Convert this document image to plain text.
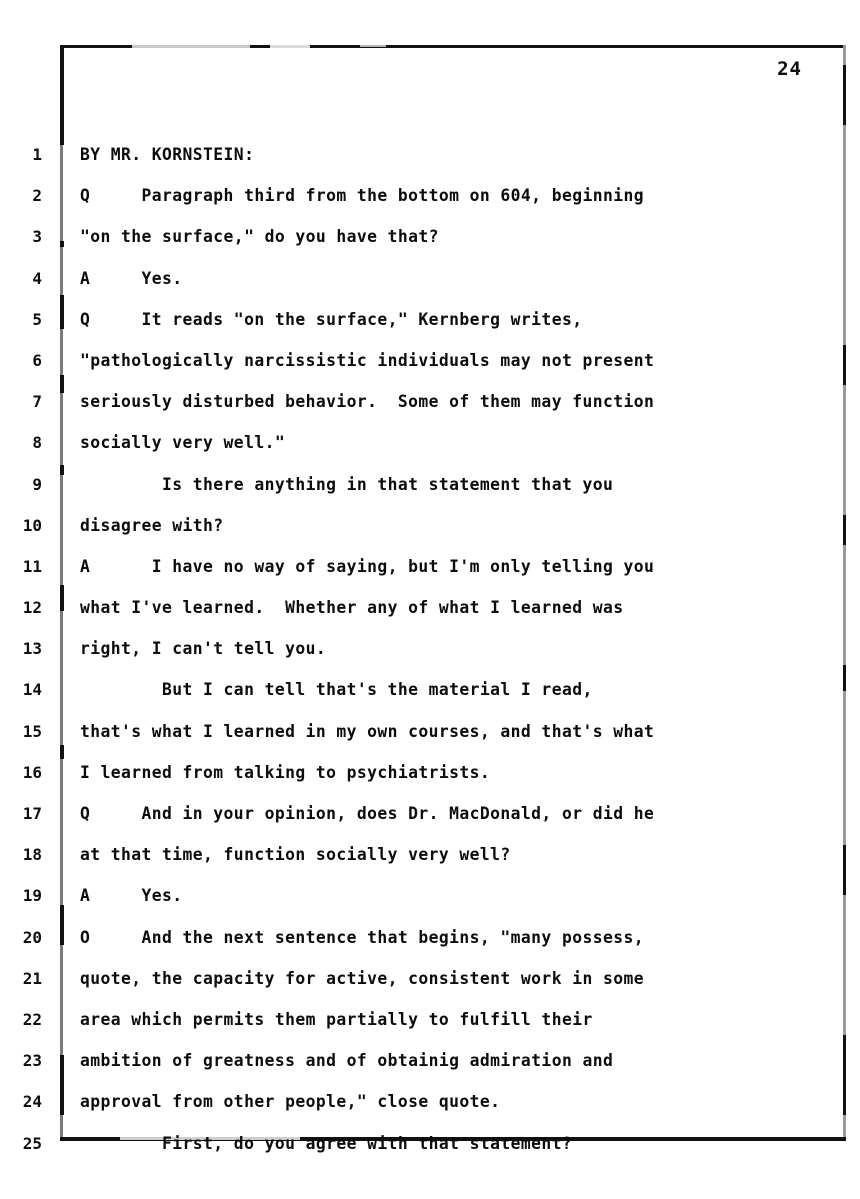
24
1 BY MR. KORNSTEIN:
2 Q     Paragraph third from the bottom on 604, beginning
3 "on the surface," do you have that?
4 A     Yes.
5 Q     It reads "on the surface," Kernberg writes,
6 "pathologically narcissistic individuals may not present
7 seriously disturbed behavior.  Some of them may function
8 socially very well."
9 Is there anything in that statement that you
10 disagree with?
11 A      I have no way of saying, but I'm only telling you
12 what I've learned.  Whether any of what I learned was
13 right, I can't tell you.
14 But I can tell that's the material I read,
15 that's what I learned in my own courses, and that's what
16 I learned from talking to psychiatrists.
17 Q     And in your opinion, does Dr. MacDonald, or did he
18 at that time, function socially very well?
19 A     Yes.
20 O     And the next sentence that begins, "many possess,
21 quote, the capacity for active, consistent work in some
22 area which permits them partially to fulfill their
23 ambition of greatness and of obtainig admiration and
24 approval from other people," close quote.
25 First, do you agree with that statement?
